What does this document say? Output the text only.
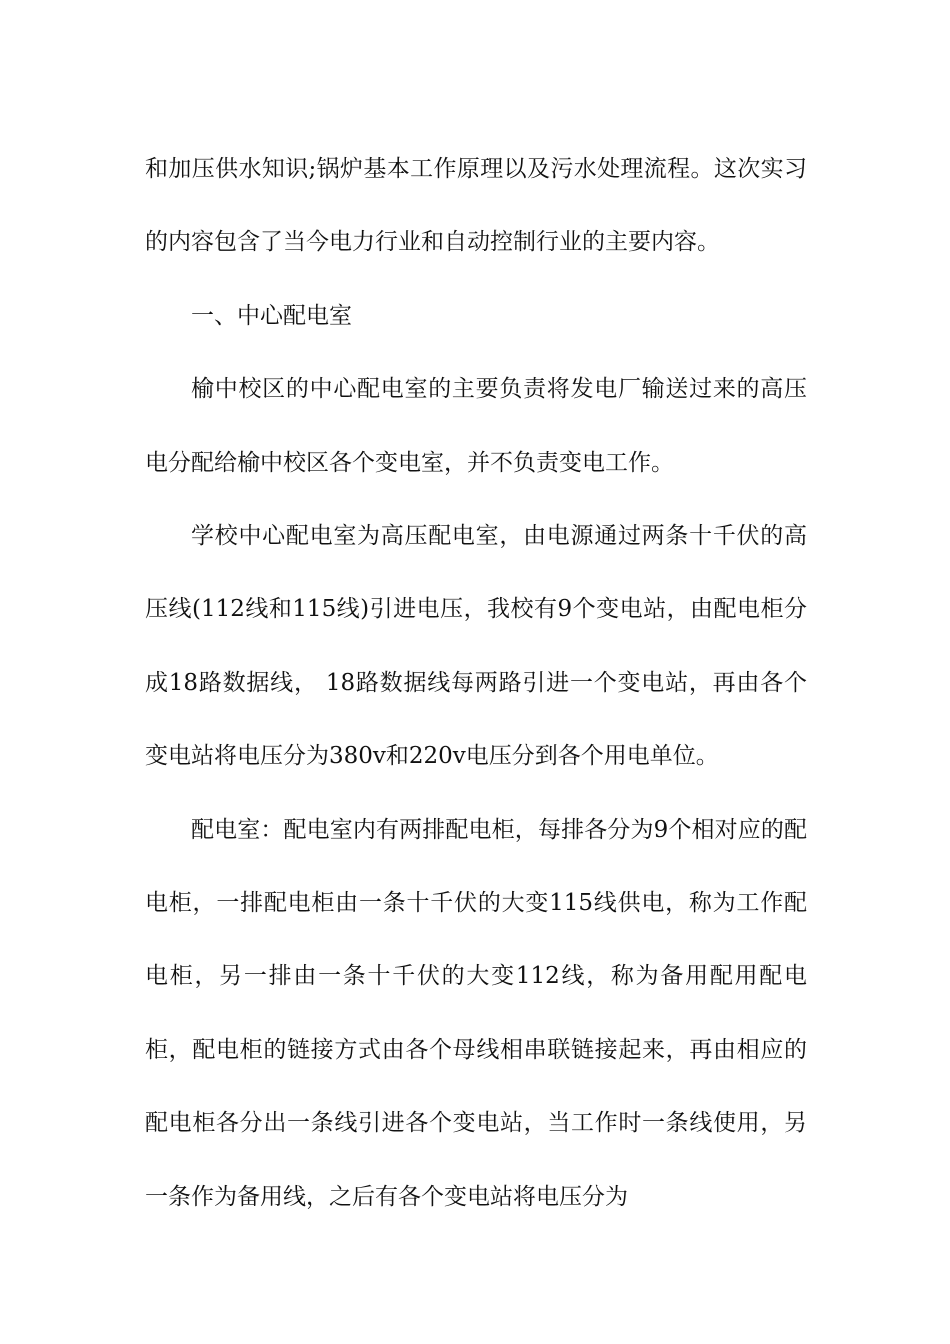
和加压供水知识;锅炉基本工作原理以及污水处理流程。这次实习的内容包含了当今电力行业和自动控制行业的主要内容。

一、中心配电室

榆中校区的中心配电室的主要负责将发电厂输送过来的高压电分配给榆中校区各个变电室，并不负责变电工作。

学校中心配电室为高压配电室，由电源通过两条十千伏的高压线(112线和115线)引进电压，我校有9个变电站，由配电柜分成18路数据线， 18路数据线每两路引进一个变电站，再由各个变电站将电压分为380v和220v电压分到各个用电单位。

配电室：配电室内有两排配电柜，每排各分为9个相对应的配电柜，一排配电柜由一条十千伏的大变115线供电，称为工作配电柜，另一排由一条十千伏的大变112线，称为备用配用配电柜，配电柜的链接方式由各个母线相串联链接起来，再由相应的配电柜各分出一条线引进各个变电站，当工作时一条线使用，另一条作为备用线，之后有各个变电站将电压分为
